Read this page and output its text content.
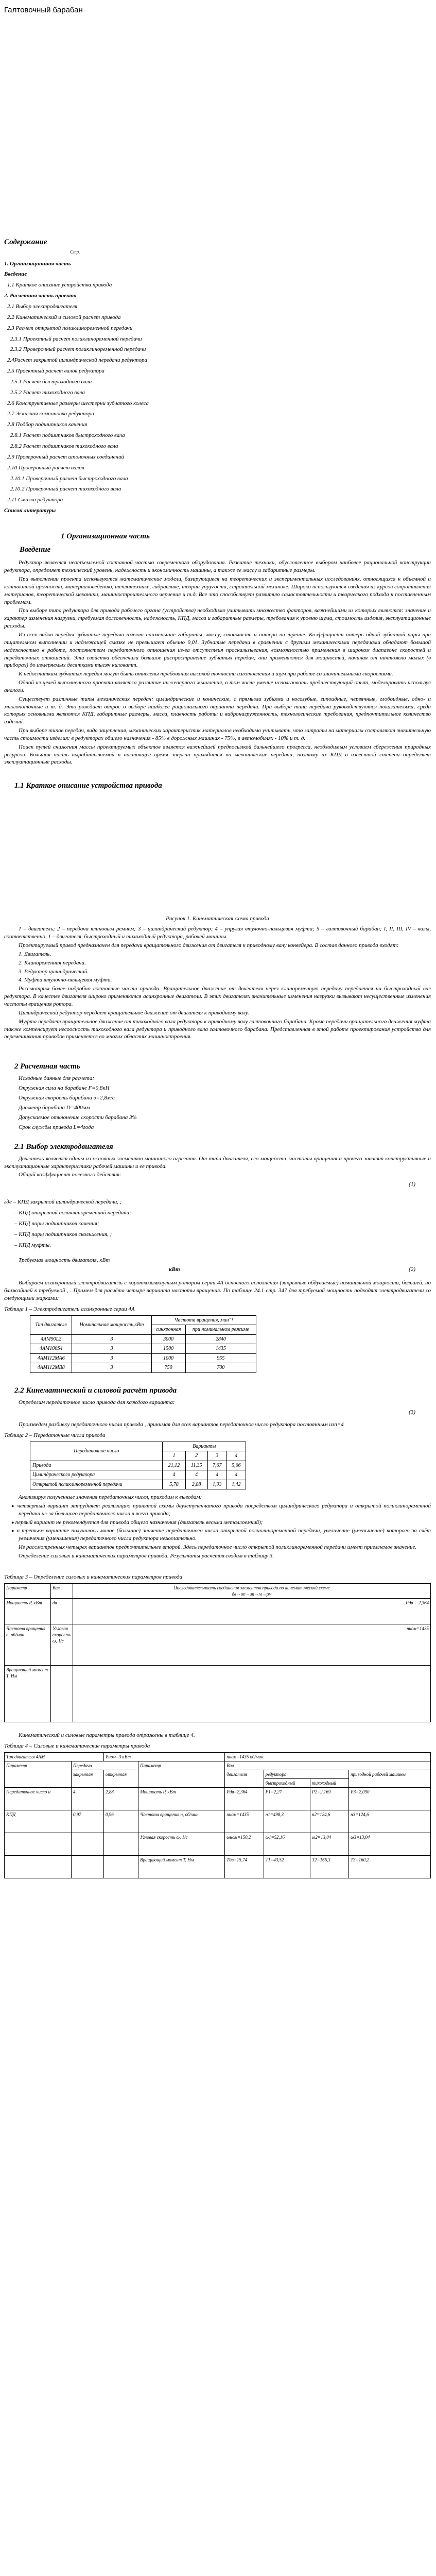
Галтовочный барабан
Содержание
Стр.
1. Организационная часть
Введение
1.1 Краткое описание устройства привода
2. Расчетная часть проекта
2.1 Выбор электродвигателя
2.2 Кинематический и силовой расчет привода
2.3 Расчет открытой поликлиноременной передачи
2.3.1 Проектный расчет поликлиноременной передачи
2.3.2 Проверочный расчет поликлиноременной передачи
2.4Расчет закрытой цилиндрической передачи редуктора
2.5 Проектный расчет валов редуктора
2.5.1 Расчет быстроходного вала
2.5.2 Расчет тихоходного вала
2.6 Конструктивные размеры шестерни зубчатого колеса
2.7 Эскизная компоновка редуктора
2.8 Подбор подшипников качения
2.8.1 Расчет подшипников быстроходного вала
2.8.2 Расчет подшипников тихоходного вала
2.9 Проверочный расчет шпоночных соединений
2.10 Проверочный расчет валов
2.10.1 Проверочный расчет быстроходного вала
2.10.2 Проверочный расчет тихоходного вала
2.11 Смазка редуктора
Список литературы
1 Организационная часть
Введение

Редуктор является неотъемлемой составной частью современного оборудования. Развитие техники, обусловленное выбором наиболее рациональной конструкции редуктора, определяет технический уровень, надежность и экономичность машины, а также ее массу и габаритные размеры.

При выполнении проекта используются математические модели, базирующиеся на теоретических и экспериментальных исследованиях, относящихся к объемной и контактной прочности, материаловедению, теплотехнике, гидравлике, теории упругости, строительной механике. Широко используются сведения из курсов сопротивления материалов, теоретической механики, машиностроительного черчения и т.д. Все это способствует развитию самостоятельности и творческого подхода к поставленным проблемам.

При выборе типа редуктора для привода рабочего органа (устройства) необходимо учитывать множество факторов, важнейшими из которых являются: значение и характер изменения нагрузки, требуемая долговечность, надежность, КПД, масса и габаритные размеры, требования к уровню шума, стоимость изделия, эксплуатационные расходы.

Из всех видов передач зубчатые передачи имеют наименьшие габариты, массу, стоимость и потери на трение. Коэффициент потерь одной зубчатой пары при тщательном выполнении и надлежащей смазке не превышает обычно 0,01. Зубчатые передачи в сравнении с другими механическими передачами обладают большой надежностью в работе, постоянством передаточного отношения из-за отсутствия проскальзывания, возможностью применения в широком диапазоне скоростей и передаточных отношений. Эти свойства обеспечили большое распространение зубчатых передач; они применяются для мощностей, начиная от ничтожно малых (в приборах) до измеряемых десятками тысяч киловатт.

К недостаткам зубчатых передач могут быть отнесены требования высокой точности изготовления и шум при работе со значительными скоростями.

Одной из целей выполненного проекта является развитие инженерного мышления, в том числе умение использовать предшествующий опыт, моделировать используя аналоги.

Существует различные типы механических передач: цилиндрические и конические, с прямыми зубьями и косозубые, гипоидные, червячные, глобоидные, одно- и многопоточные и т. д. Это рождает вопрос о выборе наиболее рационального варианта передачи. При выборе типа передачи руководствуются показателями, среди которых основными являются КПД, габаритные размеры, масса, плавность работы и вибронагруженность, технологические требования, предпочтительное количество изделий.

При выборе типов передач, вида зацепления, механических характеристик материалов необходимо учитывать, что затраты на материалы составляют значительную часть стоимости изделия: в редукторах общего назначения - 85% в дорожных машинах - 75%, в автомобилях - 10% и т. д.

Поиск путей снижения массы проектируемых объектов является важнейшей предпосылкой дальнейшего прогресса, необходимым условием сбережения природных ресурсов. Большая часть вырабатываемой в настоящее время энергии приходится на механические передачи, поэтому их КПД в известной степени определяет эксплуатационные расходы.

1.1 Краткое описание устройства привода
Рисунок 1. Кинематическая схема привода

1 – двигатель; 2 – передача клиновым ремнем; 3 – цилиндрический редуктор; 4 – упругая втулочно-пальцевая муфта; 5 – галтовочный барабан; I, II, III, IV – валы, соответственно, 1 – двигателя, быстроходный и тихоходный редуктора, рабочей машины.

Проектируемый привод предназначен для передачи вращательного движения от двигателя к приводному валу конвейера. В состав данного привода входят:

1. Двигатель.
2. Клиноременная передача.
3. Редуктор цилиндрический.
4. Муфта втулочно-пальцевая муфта.

Рассмотрим более подробно составные части привода. Вращательное движение от двигателя через клиноременную передачу передается на быстроходный вал редуктора. В качестве двигателя широко применяются асинхронные двигатели. В этих двигателях значительные изменения нагрузки вызывают несущественные изменения частоты вращения ротора.

Цилиндрический редуктор передает вращательное движение от двигателя к приводному валу.

Муфта передает вращательное движение от тихоходного вала редуктора к приводному валу галтовочного барабана. Кроме передачи вращательного движения муфта также компенсирует несоосность тихоходного вала редуктора и приводного вала галтовочного барабана. Представленная в этой работе проектирования устройство для перемешивания приводов применяется во многих областях машиностроения.

2 Расчетная часть

Исходные данные для расчета:

Окружная сила на барабане F=0,8кН

Окружная скорость барабана υ=2,8м/с

Диаметр барабана D=400мм

Допускаемое отклонение скорости барабана 3%

Срок службы привода L=4года

2.1 Выбор электродвигателя

Двигатель является одним из основных элементов машинного агрегата. От типа двигателя, его мощности, частоты вращения и прочего зависят конструктивные и эксплуатационные характеристики рабочей машины и ее привода.

Общий коэффициент полезного действия:

(1)

где – КПД закрытой цилиндрической передачи, ;

– КПД открытой поликлиноременной передачи;

– КПД пары подшипников качения;

– КПД пары подшипников скольжения, ;

– КПД муфты.

Требуемая мощность двигателя, кВт

кВт	(2)

Выбираем асинхронный электродвигатель с короткозамкнутым ротором серии 4А основного исполнения (закрытые обдуваемые) номинальной мощности, большей, но ближайшей к требуемой , . Примем для расчёта четыре варианта частоты вращения. По таблице 24.1 стр. 347 для требуемой мощности подходят электродвигатели со следующими марками:

Таблица 1 – Электродвигатели асинхронные серии 4А
Тип двигателя	Номинальная мощность,кВт	Частота вращения, мин⁻¹	
		синхронная	при номинальном режиме
4АМ90L2	3	3000	2840
4АМ100S4	3	1500	1435
4АМ112MA6	3	1000	955
4АМ112MB8	3	750	700
2.2 Кинематический и силовой расчёт привода

Определим передаточное число привода для каждого варианта:

(3)

Произведем разбивку передаточного числа привода , принимая для всех вариантов передаточное число редуктора постоянным uзп=4

Таблица 2 – Передаточные числа привода
Передаточное число	Варианты			
	1	2	3	4
Привода	21,12	11,35	7,67	5,66
Цилиндрического редуктора	4	4	4	4
Открытой поликлиноременной передачи	5,78	2,88	1,93	1,42

Анализируя полученные значения передаточных чисел, приходим к выводам:

● четвертый вариант затрудняет реализацию принятой схемы двухступенчатого привода посредством цилиндрического редуктора и открытой поликлиноременной передачи из-за большого передаточного числа в всего привода;

● первый вариант не рекомендуется для привода общего назначения (двигатель весьма металлоемкий);

● в третьем варианте получилось малое (большое) значение передаточного числа открытой поликлиноременной передачи, увеличение (уменьшение) которого за счёт увеличения (уменьшения) передаточного числа редуктора нежелательно.

Из рассмотренных четырех вариантов предпочтительнее второй. Здесь передаточное число открытой поликлиноременной передачи имеет приемлемое значение.

Определение силовых и кинематических параметров привода. Результаты расчетов сводим в таблицу 3.

Таблица 3 – Определение силовых и кинематических параметров привода
Параметр	Вал	Последовательность соединения элементов привода по кинематической схеме
дв→оп→зп→м→рм

Мощность P, кВт	дв	Pдв = 2,364
Частота вращения n, об/мин	Угловая скорость ω, 1/с	nном=1435
Вращающий момент T, Нм		

Кинематический и силовые параметры привода отражены в таблице 4.

Таблица 4 – Силовые и кинематические параметры привода
Тип двигателя 4АМ		Pном=3 кВт		nном=1435 об/мин			
Параметр	Передача		Параметр	Вал			
	закрытая	открытая		двигателя	редуктора		приводной рабочей машины
					быстроходный	тихоходный	
Передаточное число u	4	2,88	Мощность P, кВт	Pдв=2,364	P1=2,27	P2=2,169	P3=2,090
КПД	0,97	0,96	Частота вращения n, об/мин	nном=1435	n1=498,3	n2=124,6	n3=124,6
			Угловая скорость ω, 1/с	ωном=150,2	ω1=52,16	ω2=13,04	ω3=13,04
			Вращающий момент T, Нм	Tдв=15,74	T1=43,52	T2=166,3	T3=160,2
